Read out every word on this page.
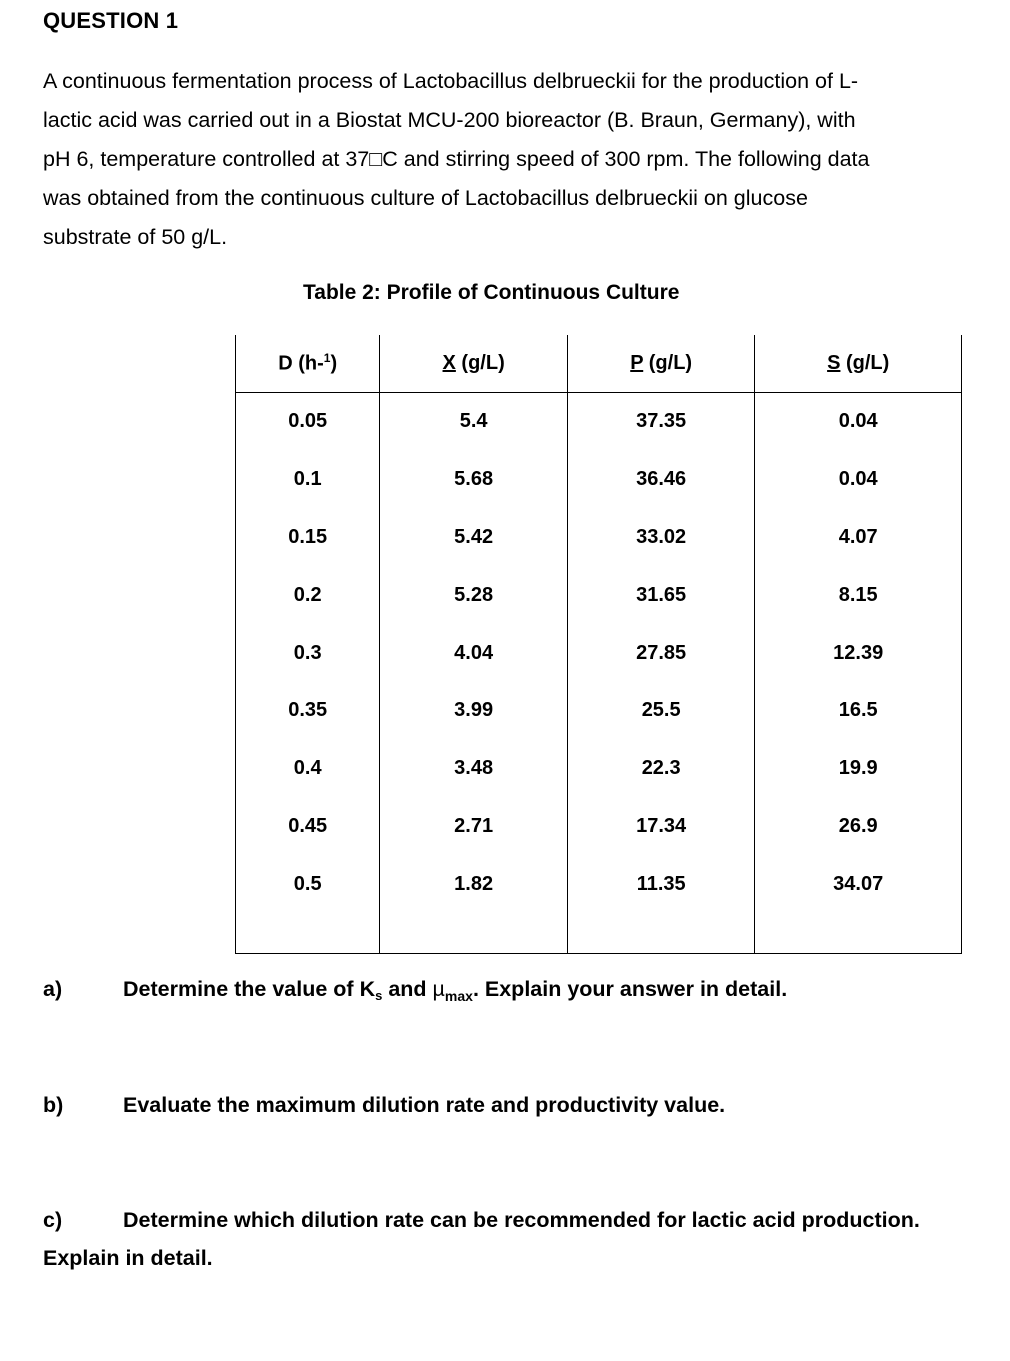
QUESTION 1
A continuous fermentation process of Lactobacillus delbrueckii for the production of L-
lactic acid was carried out in a Biostat MCU-200 bioreactor (B. Braun, Germany), with
pH 6, temperature controlled at 37□C and stirring speed of 300 rpm. The following data
was obtained from the continuous culture of Lactobacillus delbrueckii on glucose
substrate of 50 g/L.
Table 2: Profile of Continuous Culture
D (h-$^1$)	X (g/L)	P (g/L)	S (g/L)
0.05	5.4	37.35	0.04
0.1	5.68	36.46	0.04
0.15	5.42	33.02	4.07
0.2	5.28	31.65	8.15
0.3	4.04	27.85	12.39
0.35	3.99	25.5	16.5
0.4	3.48	22.3	19.9
0.45	2.71	17.34	26.9
0.5	1.82	11.35	34.07
a)	Determine the value of Ks and µ$_{max}$. Explain your answer in detail.
b)	Evaluate the maximum dilution rate and productivity value.
c)	Determine which dilution rate can be recommended for lactic acid production.
Explain in detail.
